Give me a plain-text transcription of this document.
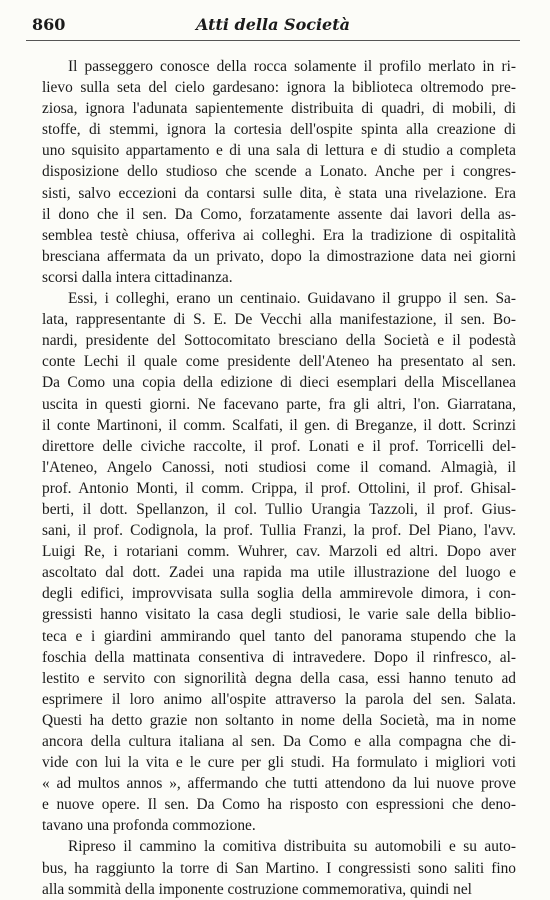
860	Atti della Società
Il passeggero conosce della rocca solamente il profilo merlato in ri-
lievo sulla seta del cielo gardesano: ignora la biblioteca oltremodo pre-
ziosa, ignora l'adunata sapientemente distribuita di quadri, di mobili, di
stoffe, di stemmi, ignora la cortesia dell'ospite spinta alla creazione di
uno squisito appartamento e di una sala di lettura e di studio a completa
disposizione dello studioso che scende a Lonato. Anche per i congres-
sisti, salvo eccezioni da contarsi sulle dita, è stata una rivelazione. Era
il dono che il sen. Da Como, forzatamente assente dai lavori della as-
semblea testè chiusa, offeriva ai colleghi. Era la tradizione di ospitalità
bresciana affermata da un privato, dopo la dimostrazione data nei giorni
scorsi dalla intera cittadinanza.
Essi, i colleghi, erano un centinaio. Guidavano il gruppo il sen. Sa-
lata, rappresentante di S. E. De Vecchi alla manifestazione, il sen. Bo-
nardi, presidente del Sottocomitato bresciano della Società e il podestà
conte Lechi il quale come presidente dell'Ateneo ha presentato al sen.
Da Como una copia della edizione di dieci esemplari della Miscellanea
uscita in questi giorni. Ne facevano parte, fra gli altri, l'on. Giarratana,
il conte Martinoni, il comm. Scalfati, il gen. di Breganze, il dott. Scrinzi
direttore delle civiche raccolte, il prof. Lonati e il prof. Torricelli del-
l'Ateneo, Angelo Canossi, noti studiosi come il comand. Almagià, il
prof. Antonio Monti, il comm. Crippa, il prof. Ottolini, il prof. Ghisal-
berti, il dott. Spellanzon, il col. Tullio Urangia Tazzoli, il prof. Gius-
sani, il prof. Codignola, la prof. Tullia Franzi, la prof. Del Piano, l'avv.
Luigi Re, i rotariani comm. Wuhrer, cav. Marzoli ed altri. Dopo aver
ascoltato dal dott. Zadei una rapida ma utile illustrazione del luogo e
degli edifici, improvvisata sulla soglia della ammirevole dimora, i con-
gressisti hanno visitato la casa degli studiosi, le varie sale della biblio-
teca e i giardini ammirando quel tanto del panorama stupendo che la
foschia della mattinata consentiva di intravedere. Dopo il rinfresco, al-
lestito e servito con signorilità degna della casa, essi hanno tenuto ad
esprimere il loro animo all'ospite attraverso la parola del sen. Salata.
Questi ha detto grazie non soltanto in nome della Società, ma in nome
ancora della cultura italiana al sen. Da Como e alla compagna che di-
vide con lui la vita e le cure per gli studi. Ha formulato i migliori voti
« ad multos annos », affermando che tutti attendono da lui nuove prove
e nuove opere. Il sen. Da Como ha risposto con espressioni che deno-
tavano una profonda commozione.
Ripreso il cammino la comitiva distribuita su automobili e su auto-
bus, ha raggiunto la torre di San Martino. I congressisti sono saliti fino
alla sommità della imponente costruzione commemorativa, quindi nel
